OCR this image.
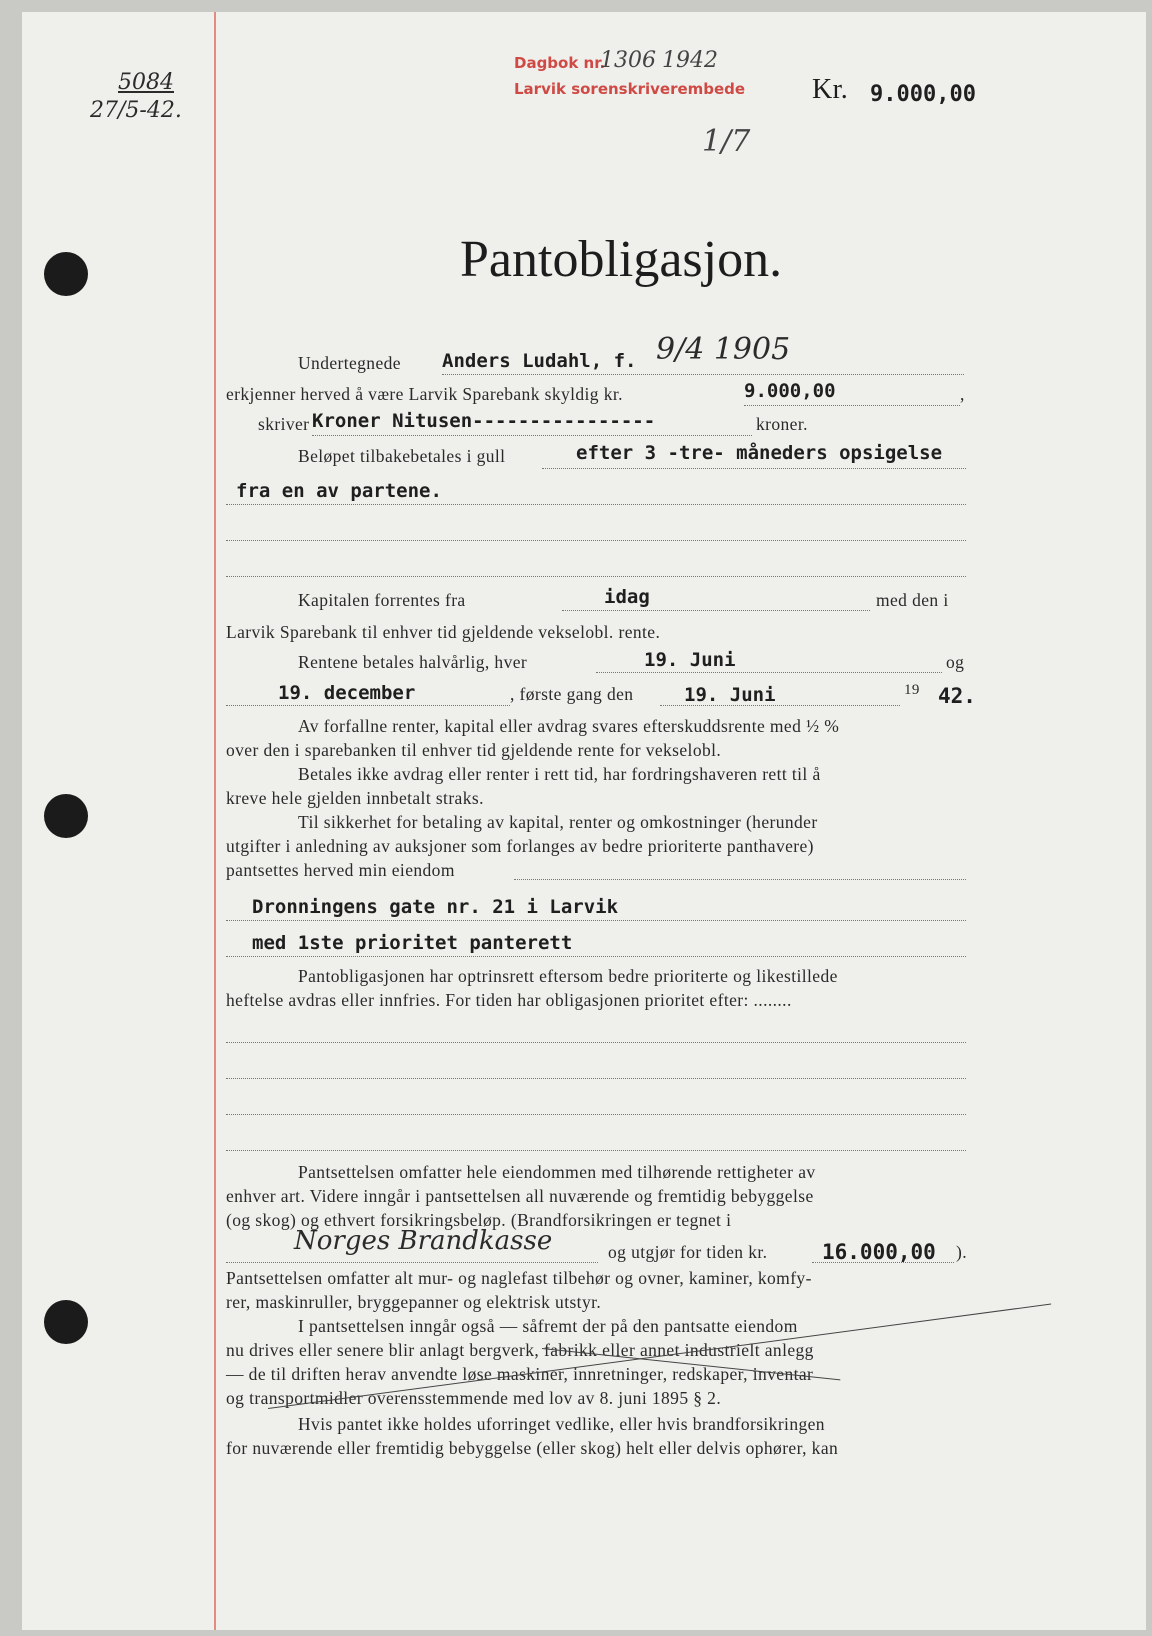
5084
27/5-42.
Dagbok nr.
1306 1942
Larvik sorenskriverembede
1/7
Kr. 9.000,00
Pantobligasjon.
Undertegnede Anders Ludahl, f. 9/4 1905
erkjenner herved å være Larvik Sparebank skyldig kr.	9.000,00	,
skriver Kroner Nitusen----------------	kroner.
Beløpet tilbakebetales i gull	efter 3 -tre- måneders opsigelse
fra en av partene.
Kapitalen forrentes fra	idag	med den i
Larvik Sparebank til enhver tid gjeldende vekselobl. rente.
Rentene betales halvårlig, hver	19. Juni	og
19. december	, første gang den	19. Juni	19 42.
Av forfallne renter, kapital eller avdrag svares efterskuddsrente med ½ %
over den i sparebanken til enhver tid gjeldende rente for vekselobl.
Betales ikke avdrag eller renter i rett tid, har fordringshaveren rett til å
kreve hele gjelden innbetalt straks.
Til sikkerhet for betaling av kapital, renter og omkostninger (herunder
utgifter i anledning av auksjoner som forlanges av bedre prioriterte panthavere)
pantsettes herved min eiendom
Dronningens gate nr. 21 i Larvik
med 1ste prioritet panterett
Pantobligasjonen har optrinsrett eftersom bedre prioriterte og likestillede
heftelse avdras eller innfries. For tiden har obligasjonen prioritet efter: ........
Pantsettelsen omfatter hele eiendommen med tilhørende rettigheter av
enhver art. Videre inngår i pantsettelsen all nuværende og fremtidig bebyggelse
(og skog) og ethvert forsikringsbeløp. (Brandforsikringen er tegnet i
Norges Brandkasse	og utgjør for tiden kr.	16.000,00 ).
Pantsettelsen omfatter alt mur- og naglefast tilbehør og ovner, kaminer, komfy-
rer, maskinruller, bryggepanner og elektrisk utstyr.
I pantsettelsen inngår også — såfremt der på den pantsatte eiendom
nu drives eller senere blir anlagt bergverk, fabrikk eller annet industrielt anlegg
— de til driften herav anvendte løse maskiner, innretninger, redskaper, inventar
og transportmidler overensstemmende med lov av 8. juni 1895 § 2.
Hvis pantet ikke holdes uforringet vedlike, eller hvis brandforsikringen
for nuværende eller fremtidig bebyggelse (eller skog) helt eller delvis ophører, kan
